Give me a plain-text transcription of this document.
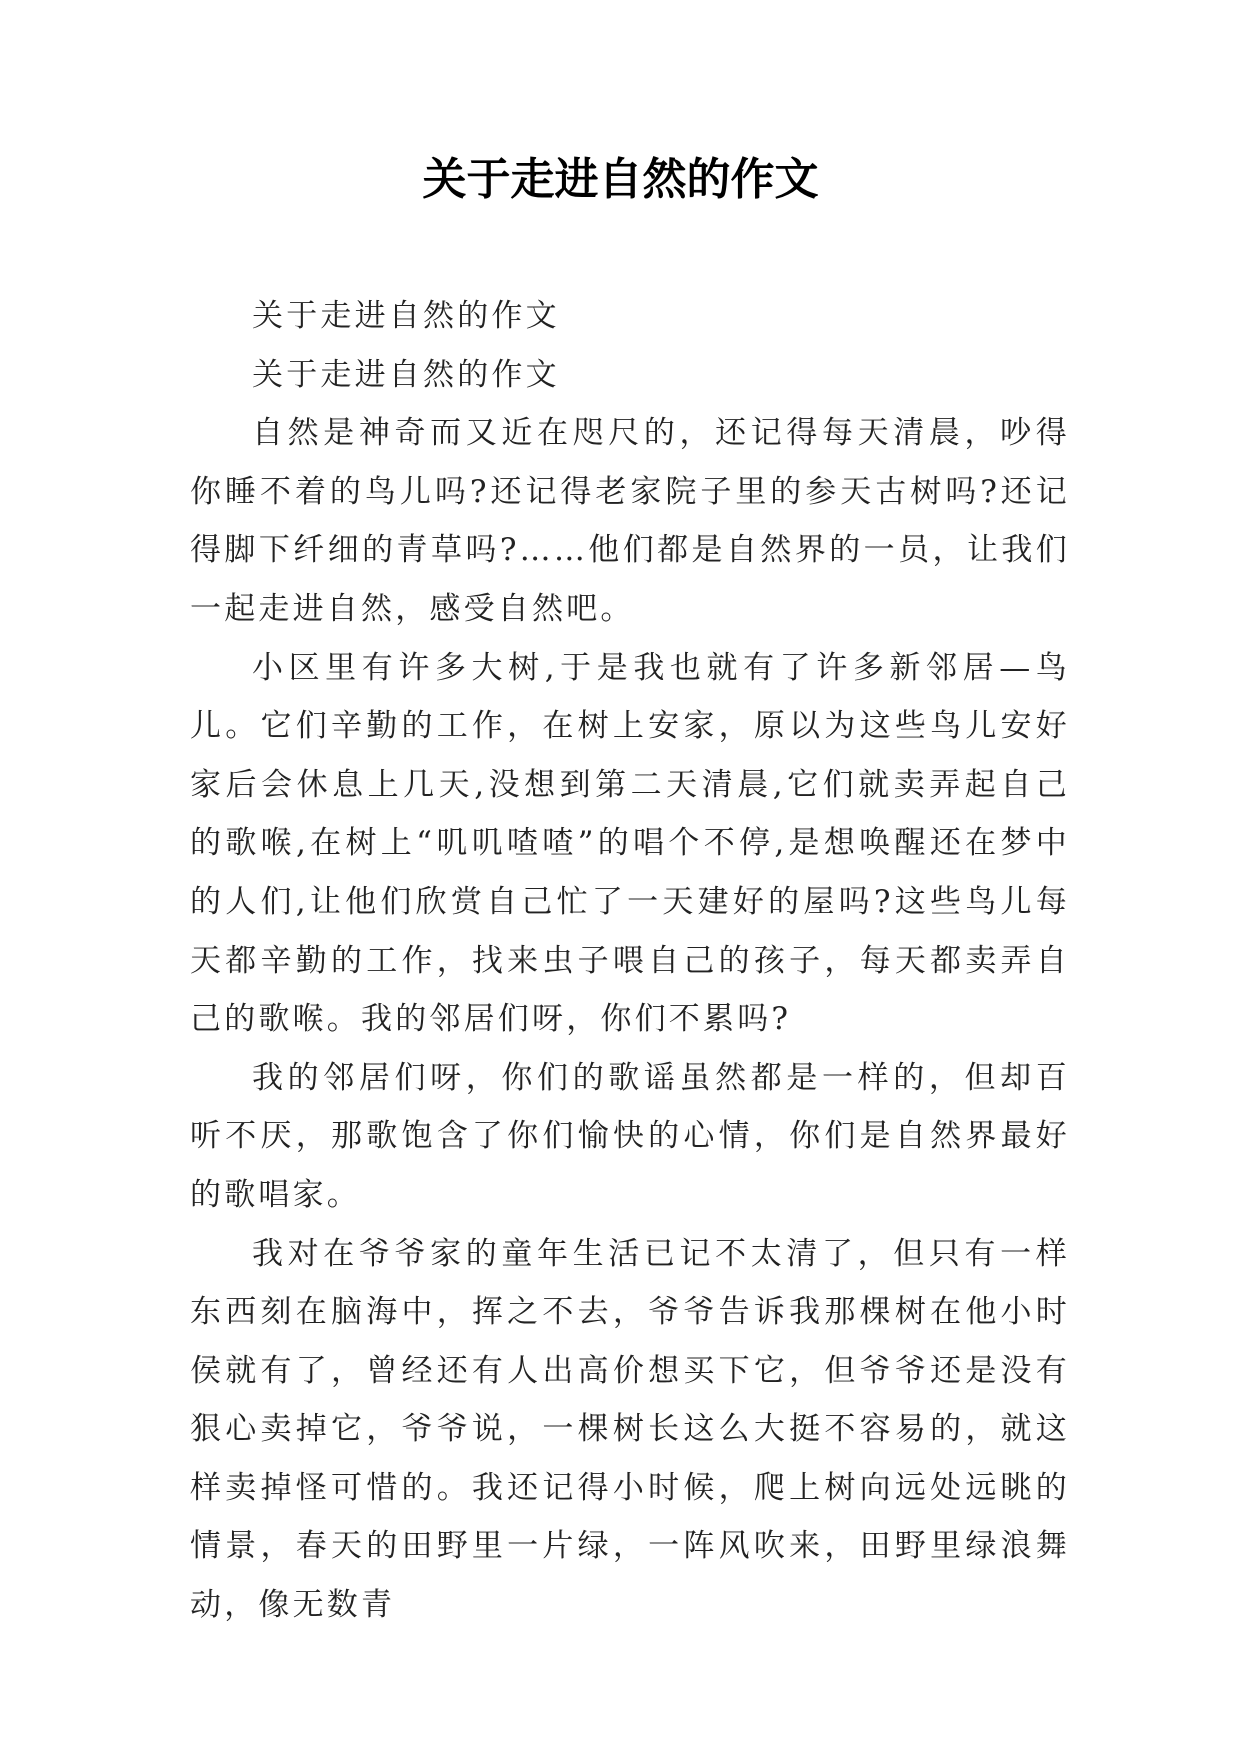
关于走进自然的作文

关于走进自然的作文

关于走进自然的作文

自然是神奇而又近在咫尺的，还记得每天清晨，吵得你睡不着的鸟儿吗?还记得老家院子里的参天古树吗?还记得脚下纤细的青草吗?……他们都是自然界的一员，让我们一起走进自然，感受自然吧。

小区里有许多大树,于是我也就有了许多新邻居—鸟儿。它们辛勤的工作，在树上安家，原以为这些鸟儿安好家后会休息上几天,没想到第二天清晨,它们就卖弄起自己的歌喉,在树上“叽叽喳喳”的唱个不停,是想唤醒还在梦中的人们,让他们欣赏自己忙了一天建好的屋吗?这些鸟儿每天都辛勤的工作，找来虫子喂自己的孩子，每天都卖弄自己的歌喉。我的邻居们呀，你们不累吗?

我的邻居们呀，你们的歌谣虽然都是一样的，但却百听不厌，那歌饱含了你们愉快的心情，你们是自然界最好的歌唱家。

我对在爷爷家的童年生活已记不太清了，但只有一样东西刻在脑海中，挥之不去，爷爷告诉我那棵树在他小时侯就有了，曾经还有人出高价想买下它，但爷爷还是没有狠心卖掉它，爷爷说，一棵树长这么大挺不容易的，就这样卖掉怪可惜的。我还记得小时候，爬上树向远处远眺的情景，春天的田野里一片绿，一阵风吹来，田野里绿浪舞动，像无数青
